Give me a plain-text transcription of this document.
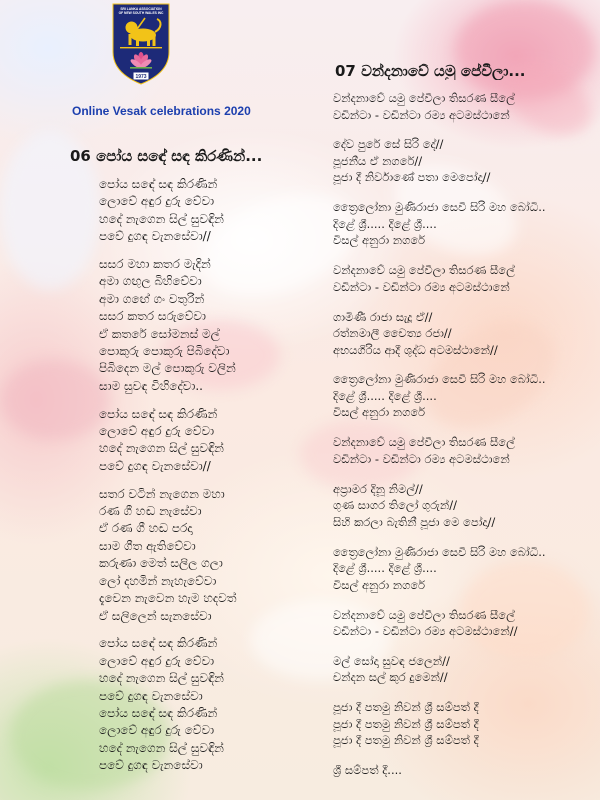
SRI LANKA ASSOCIATION
OF NEW SOUTH WALES INC
1973
Online Vesak celebrations 2020
06 පෝය සඳේ සඳ කිරණින්...
පෝය සඳේ සඳ කිරණින්
ලොවේ අඳුර දුරු වේවා
හදේ නැගෙන සිල් සුවඳින්
පවේ දුගඳ වැනසේවා//
සසර මහා කතර මැදින්
අමා ගඟුල බිහිවේවා
අමා ගඟේ ගං වතුරින්
සසර කතර සරුවේවා
ඒ කතරේ සෝමනස් මල්
පොකුරු පොකුරු පිබිදේවා
පිබිදෙන මල් පොකුරු වලින්
සාම සුවඳ විහිදේවා..
පෝය සඳේ සඳ කිරණින්
ලොවේ අඳුර දුරු වේවා
හදේ නැගෙන සිල් සුවඳින්
පවේ දුගඳ වැනසේවා//
සතර වටින් නැගෙන මහා
රණ ගී හඬ නැසේවා
ඒ රණ ගී හඬ පරදා
සාම ගීත ඇතිවේවා
කරුණා මෙත් සලිල ගලා
ලෝ දහමින් නැහැවේවා
දැවෙන නැවෙන හැම හදවත්
ඒ සලිලෙන් සැනසේවා
පෝය සඳේ සඳ කිරණින්
ලොවේ අඳුර දුරු වේවා
හදේ නැගෙන සිල් සුවඳින්
පවේ දුගඳ වැනසේවා
පෝය සඳේ සඳ කිරණින්
ලොවේ අඳුර දුරු වේවා
හදේ නැගෙන සිල් සුවඳින්
පවේ දුගඳ වැනසේවා
07 වන්දනාවේ යමු පේවීලා...
වන්දනාවේ යමු පේවීලා තිසරණ සීලේ
වඩින්ටා - වඩින්ටා රම්‍ය අටමස්ථානේ
දේව පුරේ සේ සිරි දේ//
පූජනීය ඒ නගරේ//
පූජා දී නිර්වාණේ පතා මෙපෝදා//
ත්‍රෛලෝනා මුණිරාජා සෙවී සිරි මහ බෝධි..
දිළේ ශ්‍රී..... දිළේ ශ්‍රී....
විසල් අනුරා නගරේ
වන්දනාවේ යමු පේවීලා තිසරණ සීලේ
වඩින්ටා - වඩින්ටා රම්‍ය අටමස්ථානේ
ගාමිණී රාජා සැදූ ඒ//
රත්නමාලී චෛත්‍ය රජා//
අභයගිරිය ආදී ශුද්ධ අටමස්ථානේ//
ත්‍රෛලෝනා මුණිරාජා සෙවී සිරි මහ බෝධි..
දිළේ ශ්‍රී..... දිළේ ශ්‍රී....
විසල් අනුරා නගරේ
වන්දනාවේ යමු පේවීලා තිසරණ සීලේ
වඩින්ටා - වඩින්ටා රම්‍ය අටමස්ථානේ
අප්‍රාමර දිනූ නිමල්//
ගුණ සාගර තිලෝ ගුරුන්//
සිහි කරලා බැතිනී පූජා මෙ පෝදා//
ත්‍රෛලෝනා මුණිරාජා සෙවී සිරි මහ බෝධි..
දිළේ ශ්‍රී..... දිළේ ශ්‍රී....
විසල් අනුරා නගරේ
වන්දනාවේ යමු පේවීලා තිසරණ සීලේ
වඩින්ටා - වඩින්ටා රම්‍ය අටමස්ථානේ//
මල් සෝදා සුවඳ ජලෙන්//
චන්දන සල් කුර දුමෙන්//
පූජා දී පතමු නිවන් ශ්‍රී සම්පත් දී
පූජා දී පතමු නිවන් ශ්‍රී සම්පත් දී
පූජා දී පතමු නිවන් ශ්‍රී සම්පත් දී
ශ්‍රී සම්පත් දී....
